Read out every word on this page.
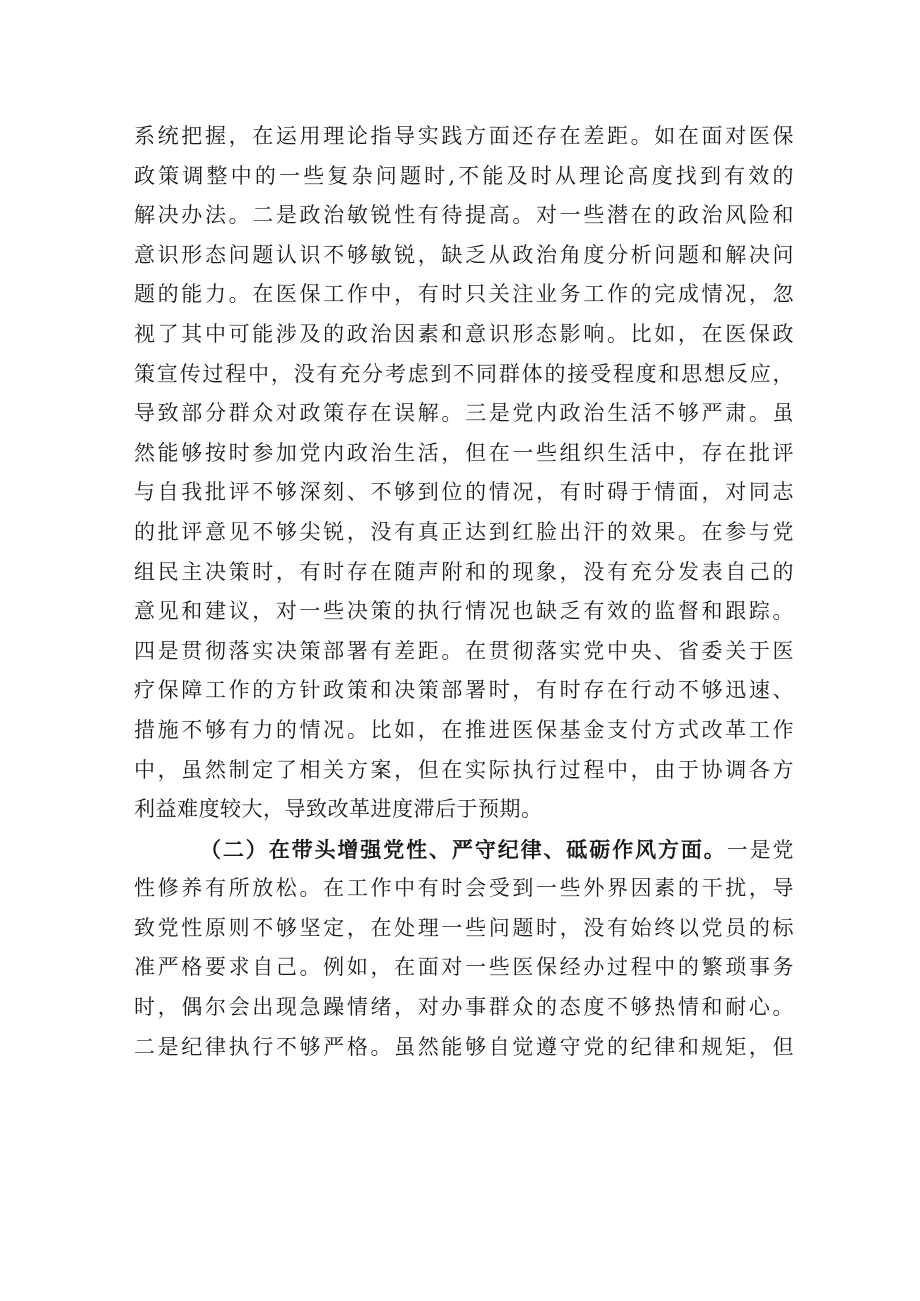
系统把握，在运用理论指导实践方面还存在差距。如在面对医保
政策调整中的一些复杂问题时,不能及时从理论高度找到有效的
解决办法。二是政治敏锐性有待提高。对一些潜在的政治风险和
意识形态问题认识不够敏锐，缺乏从政治角度分析问题和解决问
题的能力。在医保工作中，有时只关注业务工作的完成情况，忽
视了其中可能涉及的政治因素和意识形态影响。比如，在医保政
策宣传过程中，没有充分考虑到不同群体的接受程度和思想反应，
导致部分群众对政策存在误解。三是党内政治生活不够严肃。虽
然能够按时参加党内政治生活，但在一些组织生活中，存在批评
与自我批评不够深刻、不够到位的情况，有时碍于情面，对同志
的批评意见不够尖锐，没有真正达到红脸出汗的效果。在参与党
组民主决策时，有时存在随声附和的现象，没有充分发表自己的
意见和建议，对一些决策的执行情况也缺乏有效的监督和跟踪。
四是贯彻落实决策部署有差距。在贯彻落实党中央、省委关于医
疗保障工作的方针政策和决策部署时，有时存在行动不够迅速、
措施不够有力的情况。比如，在推进医保基金支付方式改革工作
中，虽然制定了相关方案，但在实际执行过程中，由于协调各方
利益难度较大，导致改革进度滞后于预期。
（二）在带头增强党性、严守纪律、砥砺作风方面。一是党
性修养有所放松。在工作中有时会受到一些外界因素的干扰，导
致党性原则不够坚定，在处理一些问题时，没有始终以党员的标
准严格要求自己。例如，在面对一些医保经办过程中的繁琐事务
时，偶尔会出现急躁情绪，对办事群众的态度不够热情和耐心。
二是纪律执行不够严格。虽然能够自觉遵守党的纪律和规矩，但
